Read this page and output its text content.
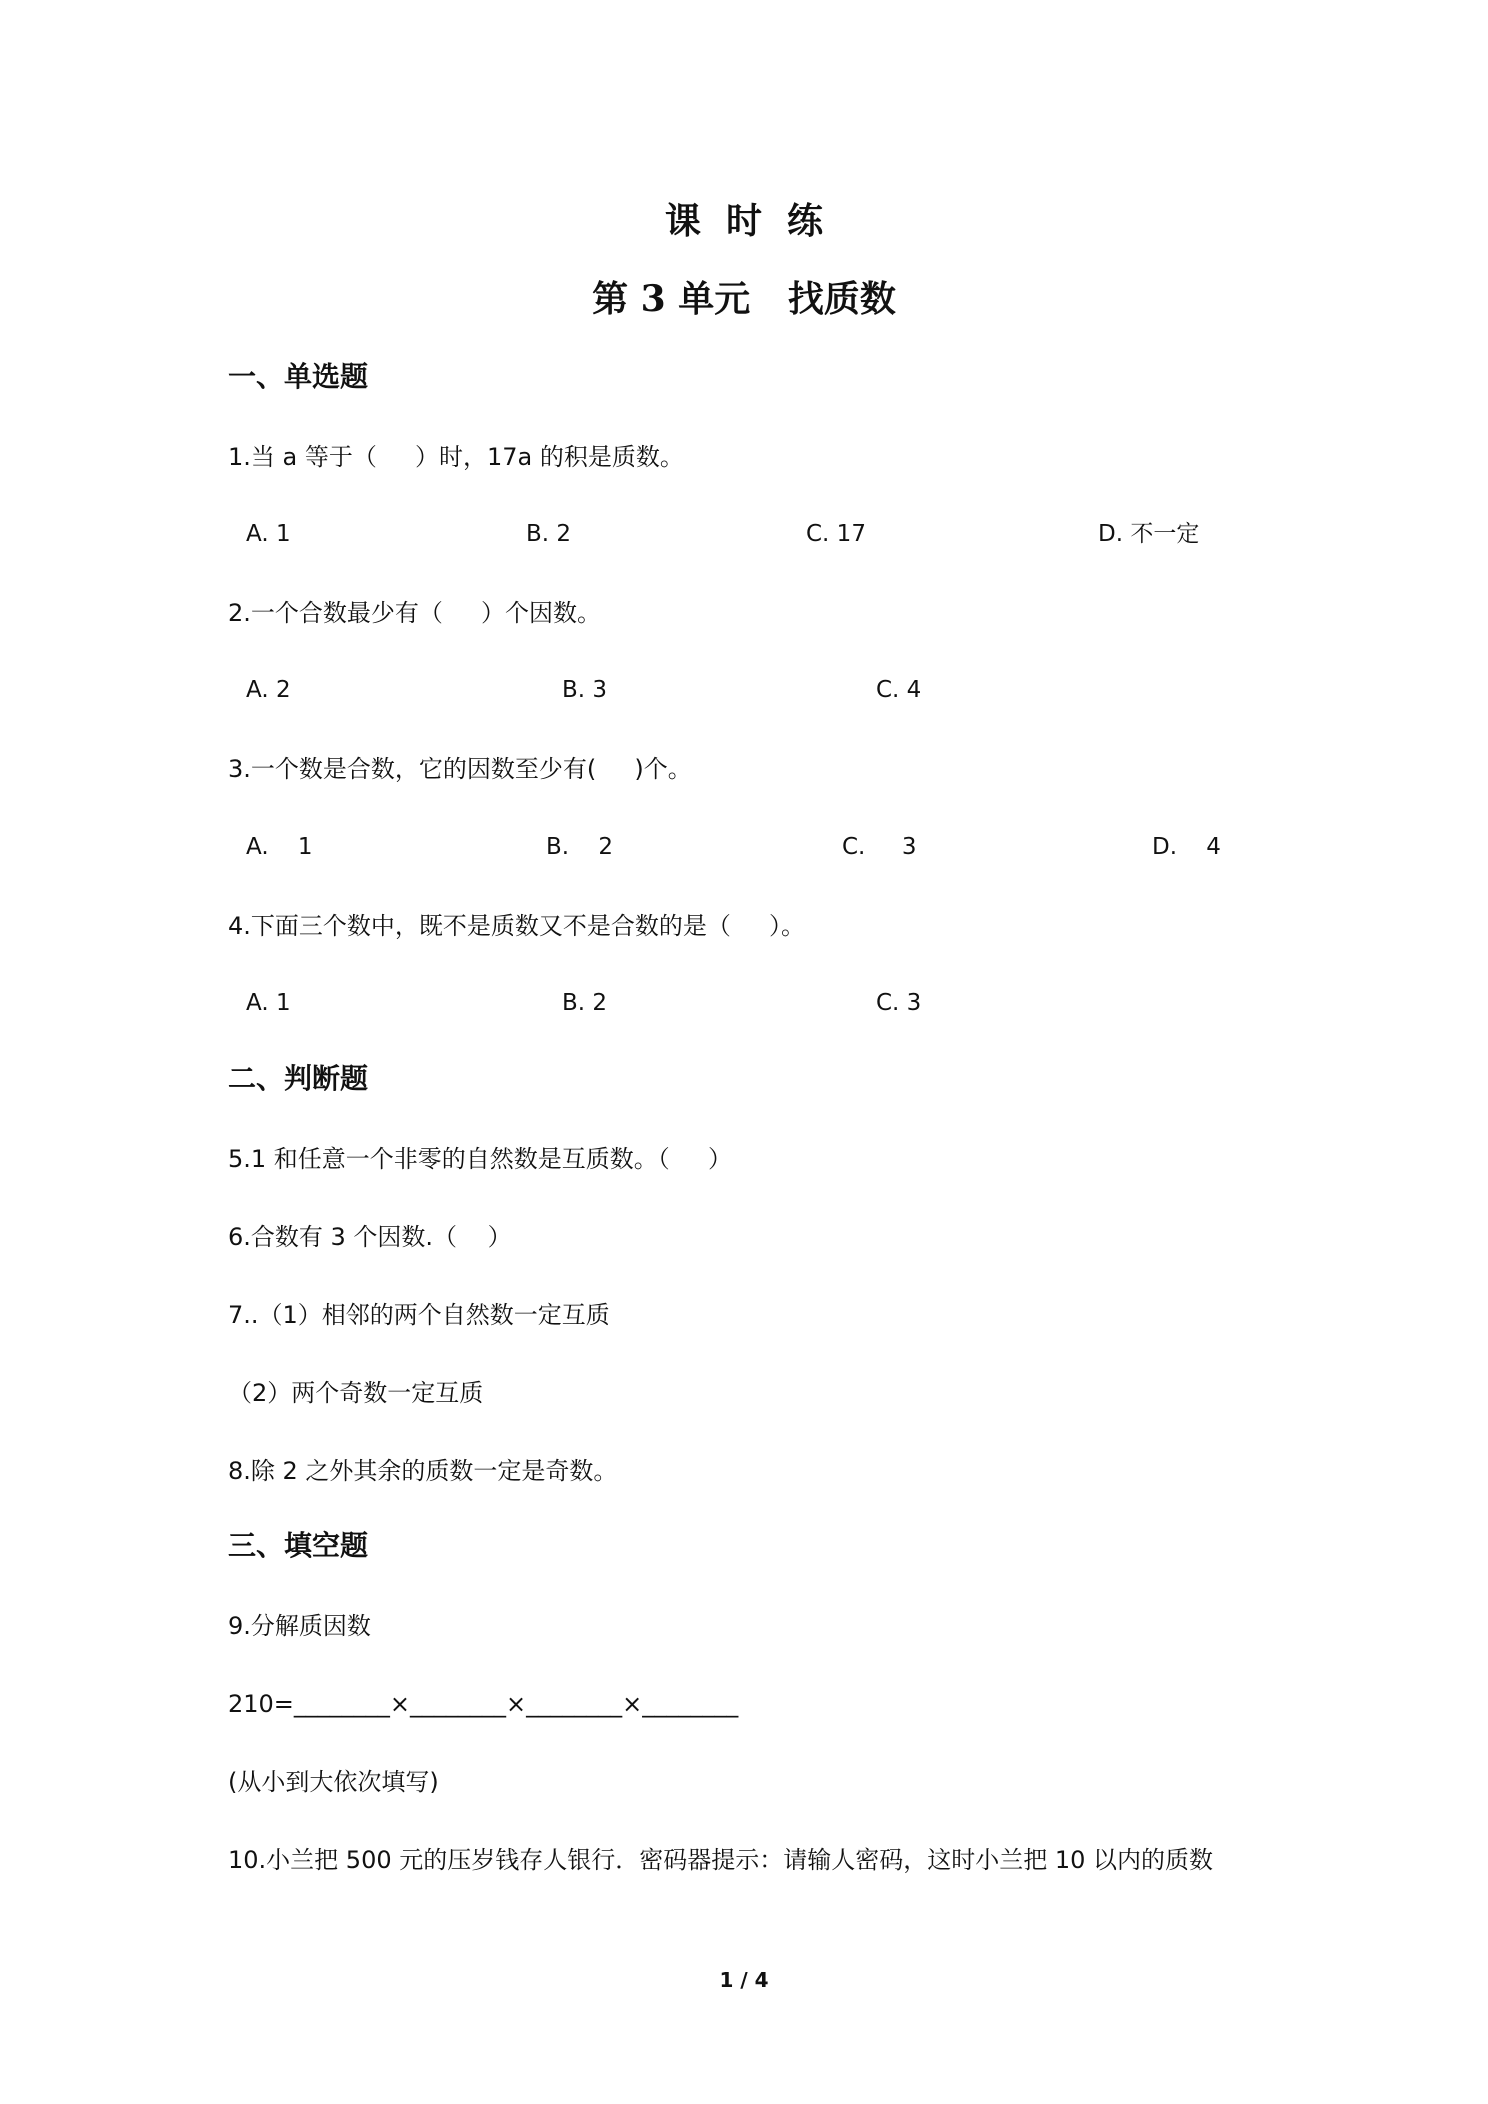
课  时  练
第 3 单元   找质数
一、单选题
1.当 a 等于（     ）时，17a 的积是质数。
A. 1	B. 2	C. 17	D. 不一定
2.一个合数最少有（     ）个因数。
A. 2	B. 3	C. 4
3.一个数是合数，它的因数至少有(     )个。
A.    1	B.    2	C.     3	D.    4
4.下面三个数中，既不是质数又不是合数的是（     ）。
A. 1	B. 2	C. 3
二、判断题
5.1 和任意一个非零的自然数是互质数。（     ）
6.合数有 3 个因数.（    ）
7..（1）相邻的两个自然数一定互质
（2）两个奇数一定互质
8.除 2 之外其余的质数一定是奇数。
三、填空题
9.分解质因数
210=________×________×________×________
(从小到大依次填写)
10.小兰把 500 元的压岁钱存人银行．密码器提示：请输人密码，这时小兰把 10 以内的质数
1 / 4
